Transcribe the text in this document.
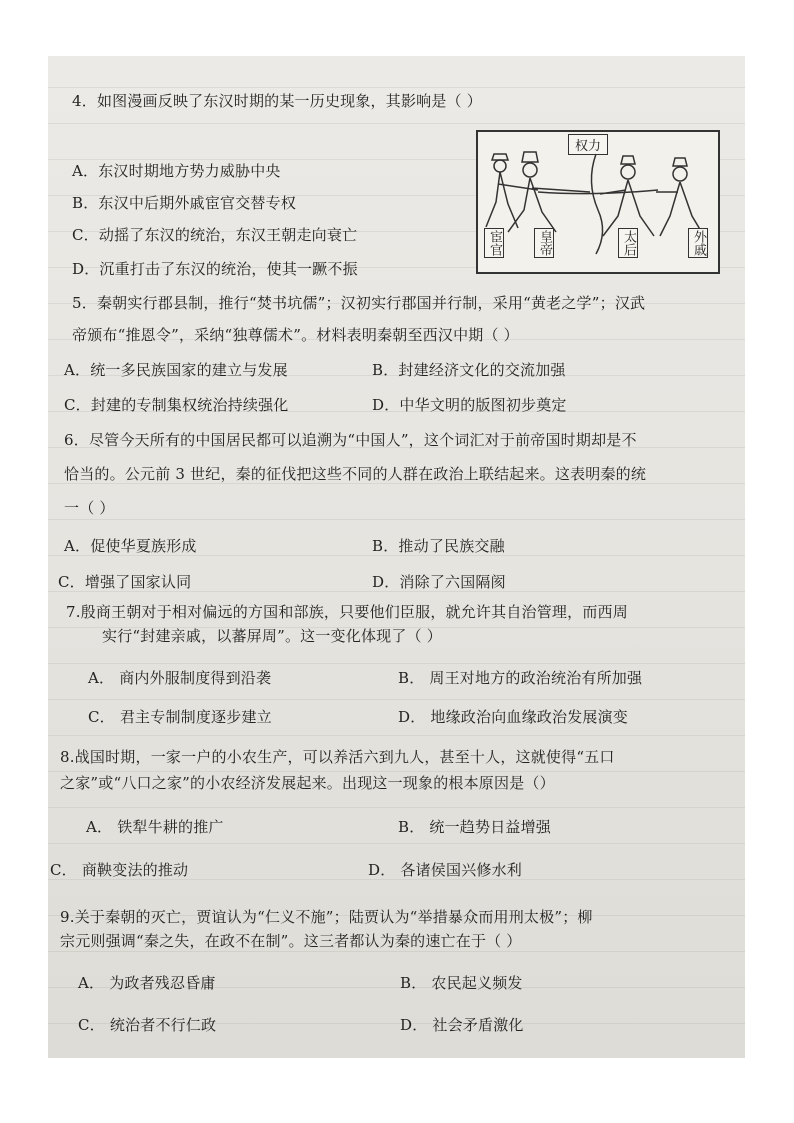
4．如图漫画反映了东汉时期的某一历史现象，其影响是（ ）
A．东汉时期地方势力威胁中央
B．东汉中后期外戚宦官交替专权
C．动摇了东汉的统治，东汉王朝走向衰亡
D．沉重打击了东汉的统治，使其一蹶不振
权力
宦官	皇帝	太后	外戚
5．秦朝实行郡县制，推行“焚书坑儒”；汉初实行郡国并行制，采用“黄老之学”；汉武
帝颁布“推恩令”，采纳“独尊儒术”。材料表明秦朝至西汉中期（ ）
A．统一多民族国家的建立与发展	B．封建经济文化的交流加强
C．封建的专制集权统治持续强化	D．中华文明的版图初步奠定
6．尽管今天所有的中国居民都可以追溯为“中国人”，这个词汇对于前帝国时期却是不
恰当的。公元前 3 世纪，秦的征伐把这些不同的人群在政治上联结起来。这表明秦的统
一（ ）
A．促使华夏族形成	B．推动了民族交融
C．增强了国家认同	D．消除了六国隔阂
7.殷商王朝对于相对偏远的方国和部族，只要他们臣服，就允许其自治管理，而西周
实行“封建亲戚，以蕃屏周”。这一变化体现了（ ）
A． 商内外服制度得到沿袭	B． 周王对地方的政治统治有所加强
C． 君主专制制度逐步建立	D． 地缘政治向血缘政治发展演变
8.战国时期，一家一户的小农生产，可以养活六到九人，甚至十人，这就使得“五口
之家”或“八口之家”的小农经济发展起来。出现这一现象的根本原因是（）
A． 铁犁牛耕的推广	B． 统一趋势日益增强
C． 商鞅变法的推动	D． 各诸侯国兴修水利
9.关于秦朝的灭亡，贾谊认为“仁义不施”；陆贾认为“举措暴众而用刑太极”；柳
宗元则强调“秦之失，在政不在制”。这三者都认为秦的速亡在于（ ）
A． 为政者残忍昏庸	B． 农民起义频发
C． 统治者不行仁政	D． 社会矛盾激化
